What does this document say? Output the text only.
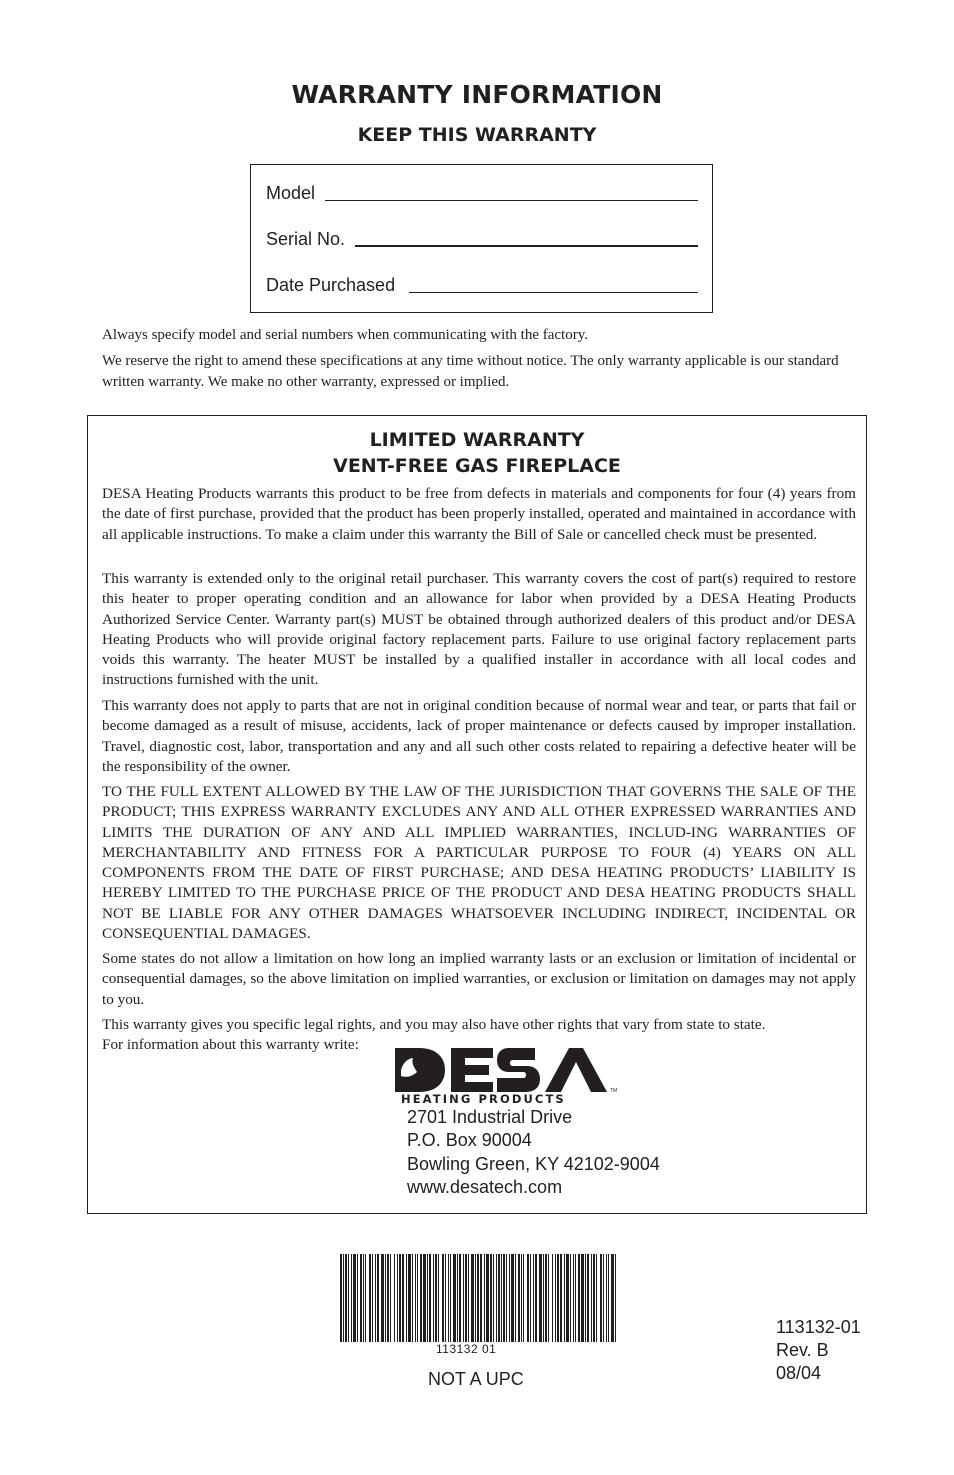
WARRANTY INFORMATION
KEEP THIS WARRANTY
Model
Serial No.
Date Purchased

Always specify model and serial numbers when communicating with the factory.

We reserve the right to amend these specifications at any time without notice. The only warranty applicable is our standard written warranty. We make no other warranty, expressed or implied.

LIMITED WARRANTY
VENT-FREE GAS FIREPLACE

DESA Heating Products warrants this product to be free from defects in materials and components for four (4) years from the date of first purchase, provided that the product has been properly installed, operated and maintained in accordance with all applicable instructions. To make a claim under this warranty the Bill of Sale or cancelled check must be presented.

This warranty is extended only to the original retail purchaser. This warranty covers the cost of part(s) required to restore this heater to proper operating condition and an allowance for labor when provided by a DESA Heating Products Authorized Service Center. Warranty part(s) MUST be obtained through authorized dealers of this product and/or DESA Heating Products who will provide original factory replacement parts. Failure to use original factory replacement parts voids this warranty. The heater MUST be installed by a qualified installer in accordance with all local codes and instructions furnished with the unit.

This warranty does not apply to parts that are not in original condition because of normal wear and tear, or parts that fail or become damaged as a result of misuse, accidents, lack of proper maintenance or defects caused by improper installation. Travel, diagnostic cost, labor, transportation and any and all such other costs related to repairing a defective heater will be the responsibility of the owner.

TO THE FULL EXTENT ALLOWED BY THE LAW OF THE JURISDICTION THAT GOVERNS THE SALE OF THE PRODUCT; THIS EXPRESS WARRANTY EXCLUDES ANY AND ALL OTHER EXPRESSED WARRANTIES AND LIMITS THE DURATION OF ANY AND ALL IMPLIED WARRANTIES, INCLUD-ING WARRANTIES OF MERCHANTABILITY AND FITNESS FOR A PARTICULAR PURPOSE TO FOUR (4) YEARS ON ALL COMPONENTS FROM THE DATE OF FIRST PURCHASE; AND DESA HEATING PRODUCTS’ LIABILITY IS HEREBY LIMITED TO THE PURCHASE PRICE OF THE PRODUCT AND DESA HEATING PRODUCTS SHALL NOT BE LIABLE FOR ANY OTHER DAMAGES WHATSOEVER INCLUDING INDIRECT, INCIDENTAL OR CONSEQUENTIAL DAMAGES.

Some states do not allow a limitation on how long an implied warranty lasts or an exclusion or limitation of incidental or consequential damages, so the above limitation on implied warranties, or exclusion or limitation on damages may not apply to you.

This warranty gives you specific legal rights, and you may also have other rights that vary from state to state.

For information about this warranty write:

TM
HEATING PRODUCTS
2701 Industrial Drive
P.O. Box 90004
Bowling Green, KY 42102-9004
www.desatech.com
113132 01
NOT A UPC
113132-01
Rev. B
08/04
